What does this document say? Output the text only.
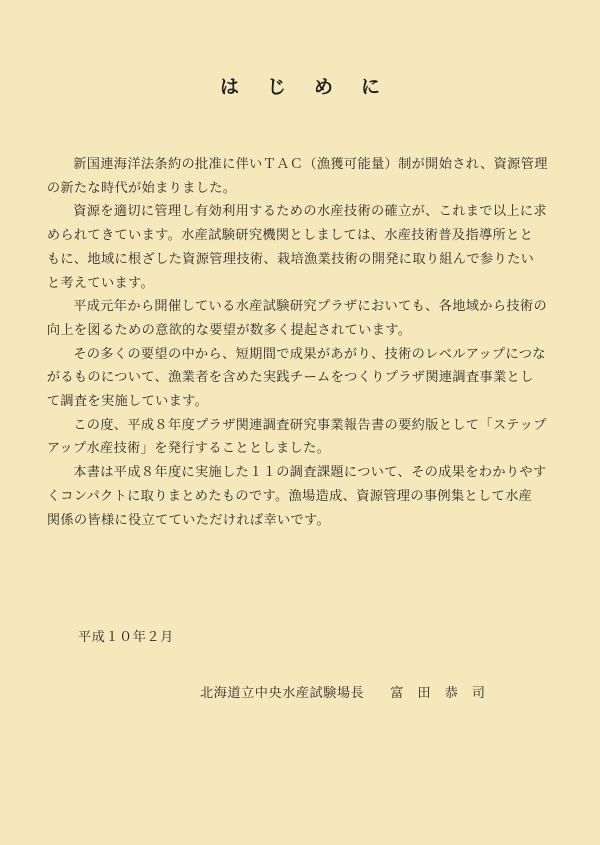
はじめに

新国連海洋法条約の批准に伴いＴＡＣ（漁獲可能量）制が開始され、資源管理
の新たな時代が始まりました。

資源を適切に管理し有効利用するための水産技術の確立が、これまで以上に求
められてきています。水産試験研究機関としましては、水産技術普及指導所とと
もに、地域に根ざした資源管理技術、栽培漁業技術の開発に取り組んで参りたい
と考えています。

平成元年から開催している水産試験研究プラザにおいても、各地域から技術の
向上を図るための意欲的な要望が数多く提起されています。

その多くの要望の中から、短期間で成果があがり、技術のレベルアップにつな
がるものについて、漁業者を含めた実践チームをつくりプラザ関連調査事業とし
て調査を実施しています。

この度、平成８年度プラザ関連調査研究事業報告書の要約版として「ステップ
アップ水産技術」を発行することとしました。

本書は平成８年度に実施した１１の調査課題について、その成果をわかりやす
くコンパクトに取りまとめたものです。漁場造成、資源管理の事例集として水産
関係の皆様に役立てていただければ幸いです。

平成１０年２月
北海道立中央水産試験場長 富田恭司
